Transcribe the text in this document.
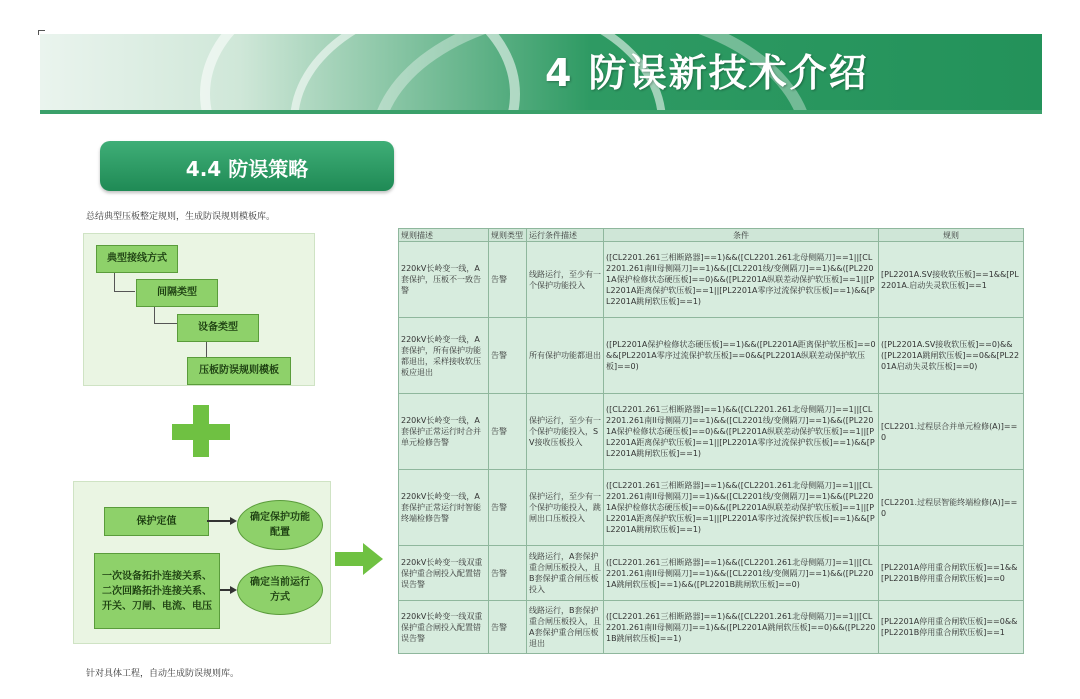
4 防误新技术介绍
4.4 防误策略
总结典型压板整定规则，生成防误规则模板库。
典型接线方式
间隔类型
设备类型
压板防误规则模板
保护定值
一次设备拓扑连接关系、二次回路拓扑连接关系、开关、刀闸、电流、电压
确定保护功能配置
确定当前运行方式
规则描述	规则类型	运行条件描述	条件	规则
220kV长岭变一线，A套保护，压板不一致告警	告警	线路运行，至少有一个保护功能投入	([CL2201.261三相断路器]==1)&&([CL2201.261北母侧隔刀]==1||[CL2201.261南II母侧隔刀]==1)&&([CL2201线/变侧隔刀]==1)&&([PL2201A保护检修状态硬压板]==0)&&([PL2201A纵联差动保护软压板]==1||[PL2201A距离保护软压板]==1||[PL2201A零序过流保护软压板]==1)&&[PL2201A跳闸软压板]==1)	[PL2201A.SV接收软压板]==1&&[PL2201A.启动失灵软压板]==1
220kV长岭变一线，A套保护，所有保护功能都退出，采样接收软压板应退出	告警	所有保护功能都退出	([PL2201A保护检修状态硬压板]==1)&&([PL2201A距离保护软压板]==0&&[PL2201A零序过流保护软压板]==0&&[PL2201A纵联差动保护软压板]==0)	([PL2201A.SV接收软压板]==0)&&([PL2201A跳闸软压板]==0&&[PL2201A启动失灵软压板]==0)
220kV长岭变一线，A套保护正常运行时合并单元检修告警	告警	保护运行，至少有一个保护功能投入，SV接收压板投入	([CL2201.261三相断路器]==1)&&([CL2201.261北母侧隔刀]==1||[CL2201.261南II母侧隔刀]==1)&&([CL2201线/变侧隔刀]==1)&&([PL2201A保护检修状态硬压板]==0)&&([PL2201A纵联差动保护软压板]==1||[PL2201A距离保护软压板]==1||[PL2201A零序过流保护软压板]==1)&&[PL2201A跳闸软压板]==1)	[CL2201.过程层合并单元检修(A)]==0
220kV长岭变一线，A套保护正常运行时智能终端检修告警	告警	保护运行，至少有一个保护功能投入，跳闸出口压板投入	([CL2201.261三相断路器]==1)&&([CL2201.261北母侧隔刀]==1||[CL2201.261南II母侧隔刀]==1)&&([CL2201线/变侧隔刀]==1)&&([PL2201A保护检修状态硬压板]==0)&&([PL2201A纵联差动保护软压板]==1||[PL2201A距离保护软压板]==1||[PL2201A零序过流保护软压板]==1)&&[PL2201A跳闸软压板]==1)	[CL2201.过程层智能终端检修(A)]==0
220kV长岭变一线双重保护重合闸投入配置错误告警	告警	线路运行，A套保护重合闸压板投入，且B套保护重合闸压板投入	([CL2201.261三相断路器]==1)&&([CL2201.261北母侧隔刀]==1||[CL2201.261南II母侧隔刀]==1)&&([CL2201线/变侧隔刀]==1)&&([PL2201A跳闸软压板]==1)&&([PL2201B跳闸软压板]==0)	[PL2201A停用重合闸软压板]==1&&[PL2201B停用重合闸软压板]==0
220kV长岭变一线双重保护重合闸投入配置错误告警	告警	线路运行，B套保护重合闸压板投入，且A套保护重合闸压板退出	([CL2201.261三相断路器]==1)&&([CL2201.261北母侧隔刀]==1||[CL2201.261南II母侧隔刀]==1)&&([PL2201A跳闸软压板]==0)&&([PL2201B跳闸软压板]==1)	[PL2201A停用重合闸软压板]==0&&[PL2201B停用重合闸软压板]==1
针对具体工程，自动生成防误规则库。
